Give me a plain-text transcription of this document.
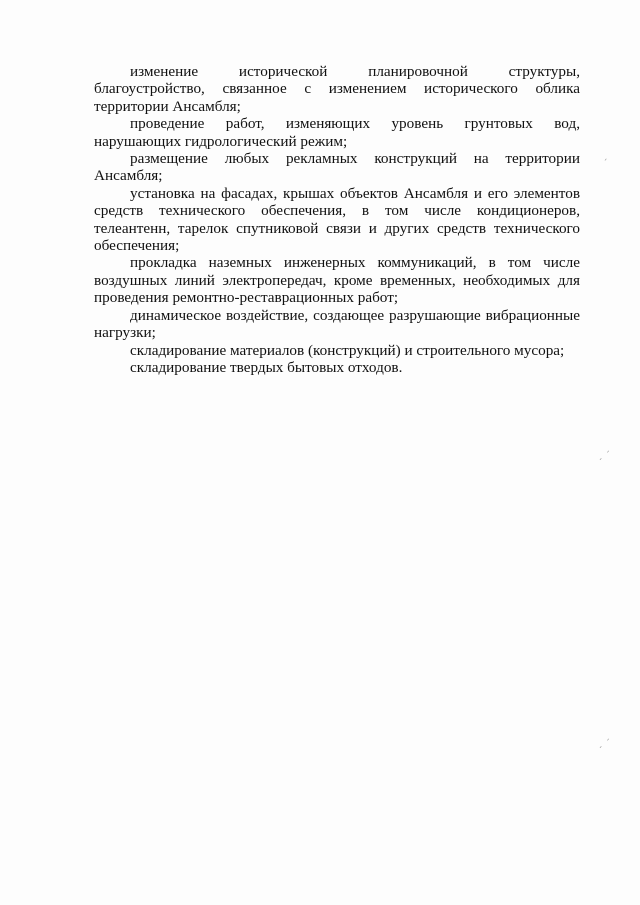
изменение исторической планировочной структуры, благоустройство, связанное с изменением исторического облика территории Ансамбля;

проведение работ, изменяющих уровень грунтовых вод, нарушающих гидрологический режим;

размещение любых рекламных конструкций на территории Ансамбля;

установка на фасадах, крышах объектов Ансамбля и его элементов средств технического обеспечения, в том числе кондиционеров, телеантенн, тарелок спутниковой связи и других средств технического обеспечения;

прокладка наземных инженерных коммуникаций, в том числе воздушных линий электропередач, кроме временных, необходимых для проведения ремонтно-реставрационных работ;

динамическое воздействие, создающее разрушающие вибрационные нагрузки;

складирование материалов (конструкций) и строительного мусора;

складирование твердых бытовых отходов.

ˊ
ˏ ˊ
ˏ ˊ
